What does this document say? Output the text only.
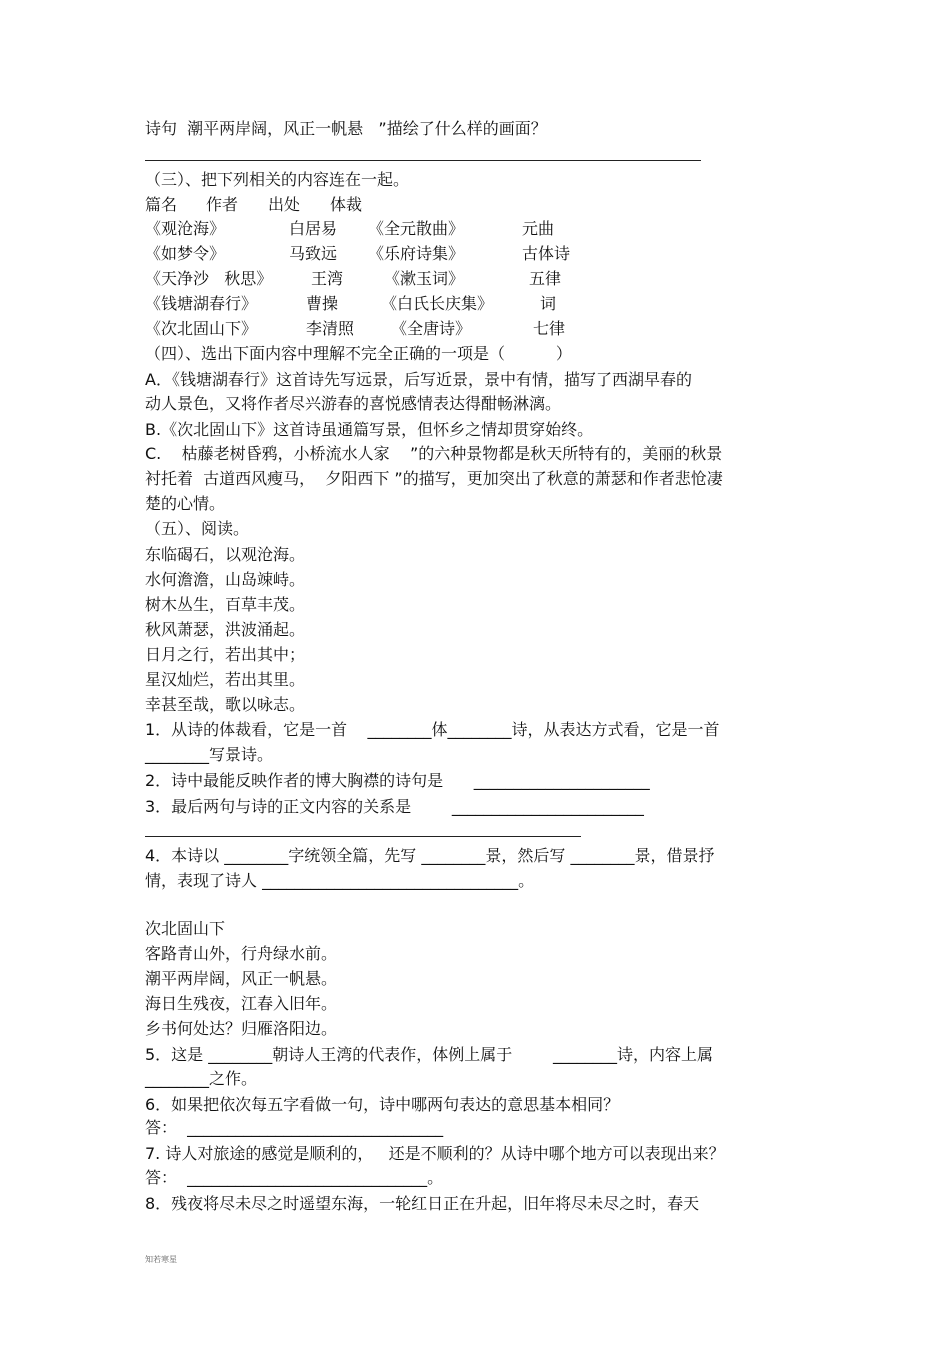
诗句  潮平两岸阔，风正一帆悬   ”描绘了什么样的画面？
（三）、把下列相关的内容连在一起。
篇名 作者 出处 体裁
《观沧海》	白居易 《全元散曲》	元曲
《如梦令》	马致远 《乐府诗集》	古体诗
《天净沙   秋思》 王湾	《漱玉词》	五律
《钱塘湖春行》	曹操	《白氏长庆集》	词
《次北固山下》	李清照 《全唐诗》	七律
（四）、选出下面内容中理解不完全正确的一项是（          ）
A．《钱塘湖春行》这首诗先写远景，后写近景，景中有情，描写了西湖早春的
动人景色，又将作者尽兴游春的喜悦感情表达得酣畅淋漓。
B.《次北固山下》这首诗虽通篇写景，但怀乡之情却贯穿始终。
C.    枯藤老树昏鸦，小桥流水人家    ”的六种景物都是秋天所特有的，美丽的秋景
衬托着  古道西风瘦马，  夕阳西下 ”的描写，更加突出了秋意的萧瑟和作者悲怆凄
楚的心情。
（五）、阅读。
东临碣石，以观沧海。
水何澹澹，山岛竦峙。
树木丛生，百草丰茂。
秋风萧瑟，洪波涌起。
日月之行，若出其中；
星汉灿烂，若出其里。
幸甚至哉，歌以咏志。
1．从诗的体裁看，它是一首    ________体________诗，从表达方式看，它是一首
________写景诗。
2．诗中最能反映作者的博大胸襟的诗句是      ______________________
3．最后两句与诗的正文内容的关系是        ________________________
4．本诗以 ________字统领全篇，先写 ________景，然后写 ________景，借景抒
情，表现了诗人 ________________________________。
次北固山下
客路青山外，行舟绿水前。
潮平两岸阔，风正一帆悬。
海日生残夜，江春入旧年。
乡书何处达？归雁洛阳边。
5．这是 ________朝诗人王湾的代表作，体例上属于        ________诗，内容上属
________之作。
6．如果把依次每五字看做一句，诗中哪两句表达的意思基本相同？
答：  ________________________________
7. 诗人对旅途的感觉是顺利的，   还是不顺利的？从诗中哪个地方可以表现出来？
答：  ______________________________。
8．残夜将尽未尽之时遥望东海，一轮红日正在升起，旧年将尽未尽之时，春天
知若寒星
